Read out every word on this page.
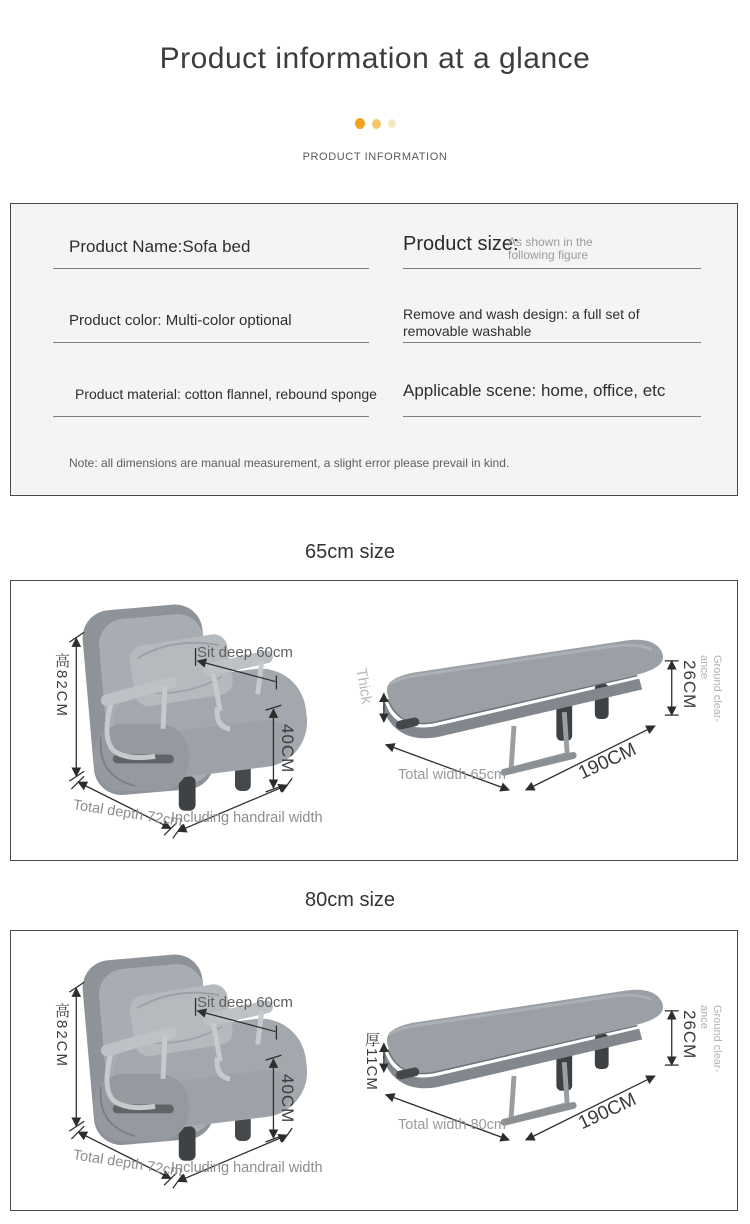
Product information at a glance
PRODUCT INFORMATION
Product Name:Sofa bed	Product size:
As shown in the following figure
Product color: Multi-color optional	Remove and wash design: a full set of removable washable
Product material: cotton flannel, rebound sponge Applicable scene: home, office, etc
Note: all dimensions are manual measurement, a slight error please prevail in kind.
65cm size
高82CM
Sit deep 60cm
40CM
Total depth 72cm
Including handrail width
Thick
Total width 65cm	190CM
26CM	Ground clear-ance
80cm size
高82CM
Sit deep 60cm
40CM
Total depth 72cm
Including handrail width
厚11CM
Total width 80cm	190CM
26CM	Ground clear-ance
